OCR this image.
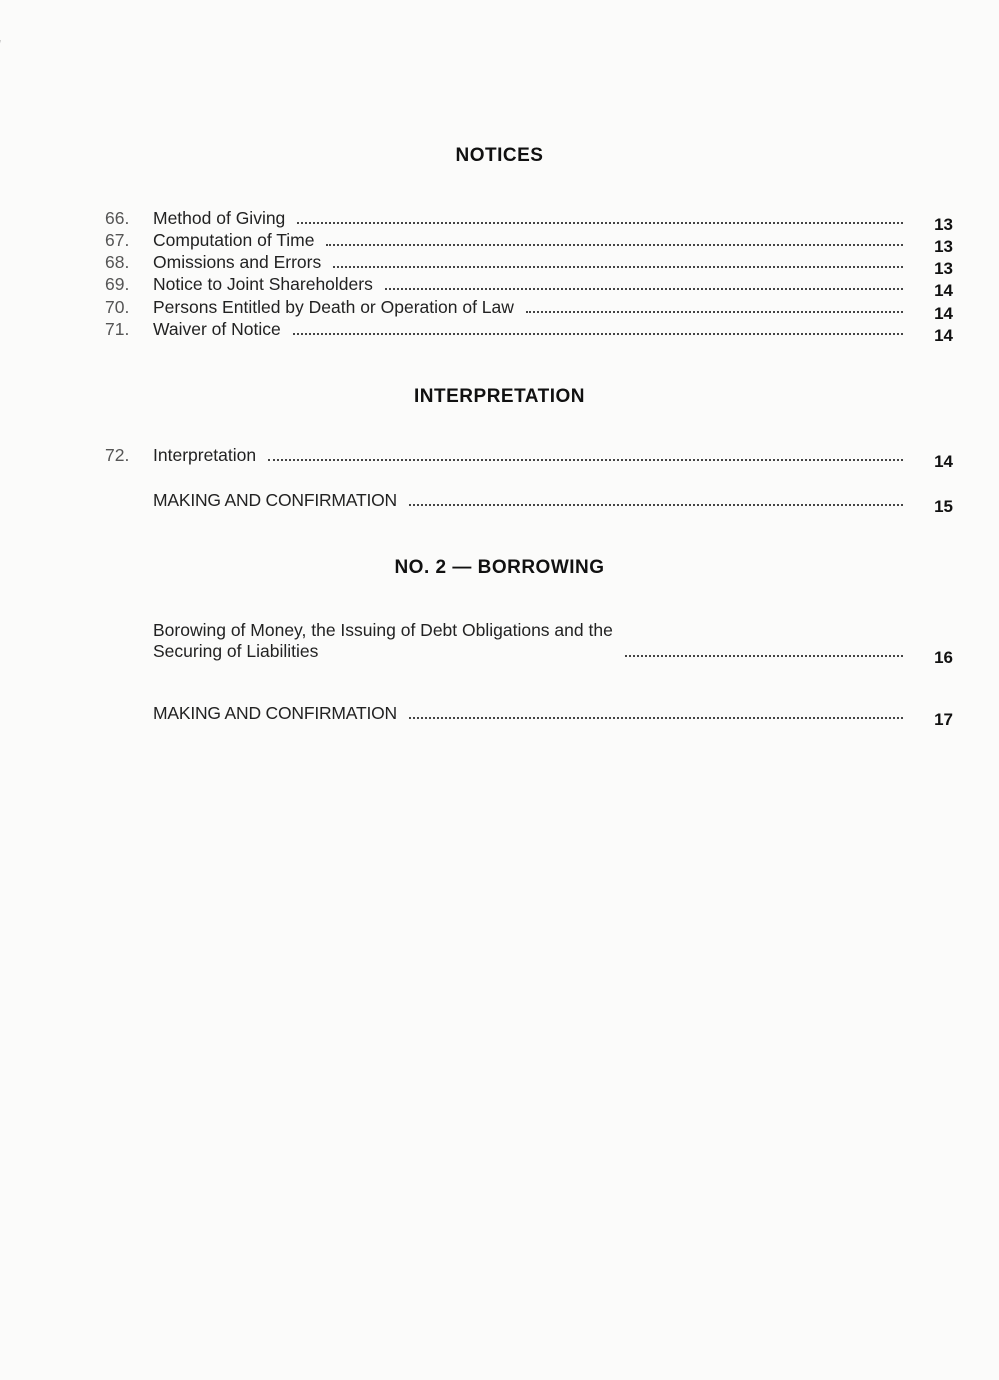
NOTICES
66.	Method of Giving	13
67.	Computation of Time	13
68.	Omissions and Errors	13
69.	Notice to Joint Shareholders	14
70.	Persons Entitled by Death or Operation of Law	14
71.	Waiver of Notice	14
INTERPRETATION
72.	Interpretation	14
MAKING AND CONFIRMATION	15
NO. 2 — BORROWING
Borowing of Money, the Issuing of Debt Obligations and the
Securing of Liabilities	16
MAKING AND CONFIRMATION	17
